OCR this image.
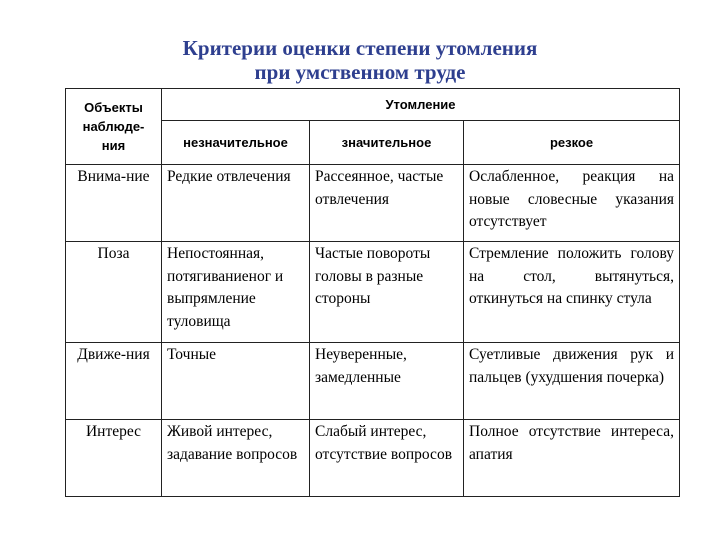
Критерии оценки степени утомления
при умственном труде
Объекты наблюде-ния	Утомление		
	незначительное	значительное	резкое
Внима-ние	Редкие отвлечения	Рассеянное, частые отвлечения	Ослабленное, реакция на новые словесные указания отсутствует
Поза	Непостоянная, потягиваниеног и выпрямление туловища	Частые повороты головы в разные стороны	Стремление положить голову на стол, вытянуться, откинуться на спинку стула
Движе-ния	Точные	Неуверенные, замедленные	Суетливые движения рук и пальцев (ухудшения почерка)
Интерес	Живой интерес, задавание вопросов	Слабый интерес, отсутствие вопросов	Полное отсутствие интереса, апатия
